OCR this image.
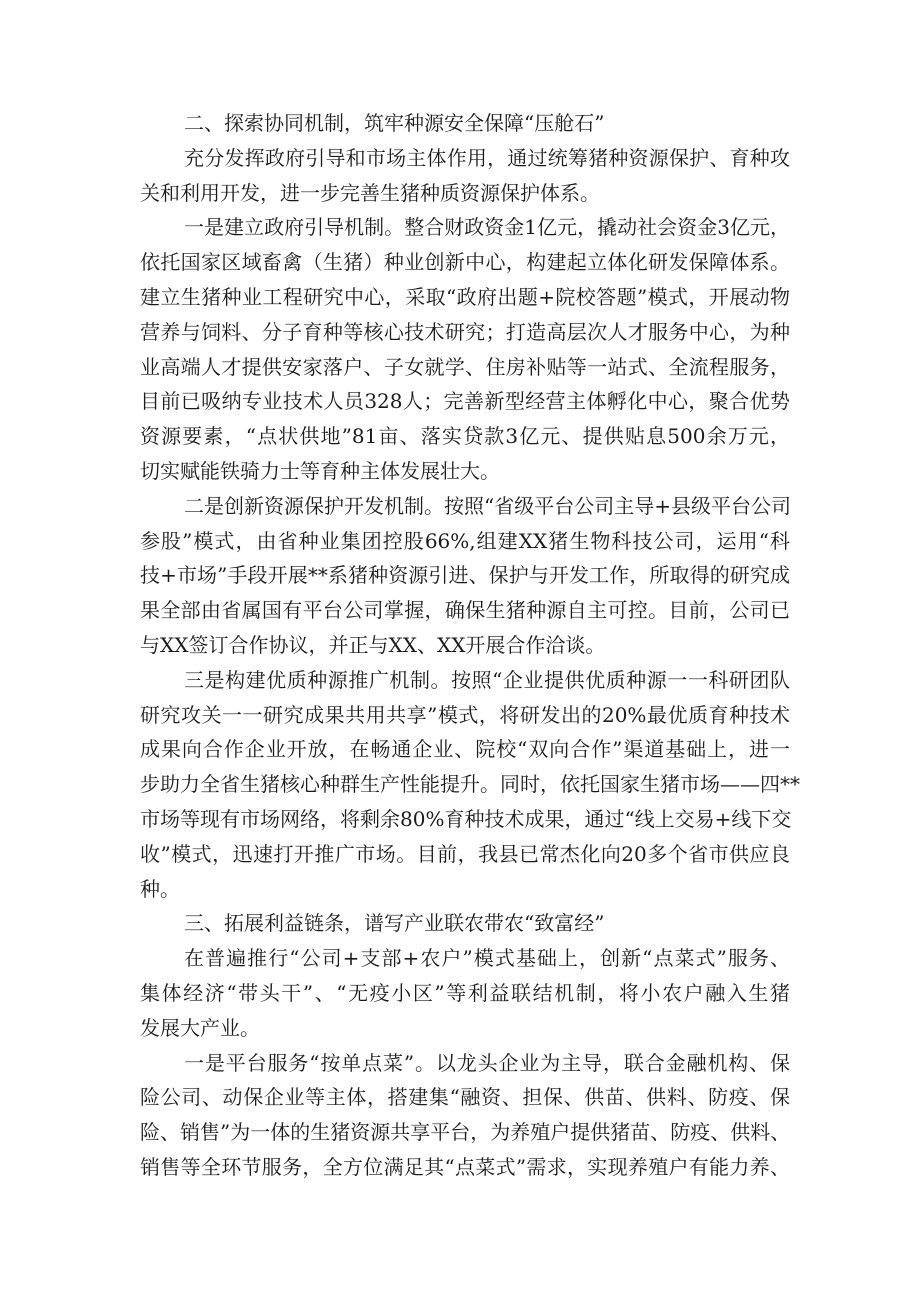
二、探索协同机制，筑牢种源安全保障“压舱石”
充分发挥政府引导和市场主体作用，通过统筹猪种资源保护、育种攻
关和利用开发，进一步完善生猪种质资源保护体系。
一是建立政府引导机制。整合财政资金1亿元，撬动社会资金3亿元，
依托国家区域畜禽（生猪）种业创新中心，构建起立体化研发保障体系。
建立生猪种业工程研究中心，采取“政府出题+院校答题”模式，开展动物
营养与饲料、分子育种等核心技术研究；打造高层次人才服务中心，为种
业高端人才提供安家落户、子女就学、住房补贴等一站式、全流程服务，
目前已吸纳专业技术人员328人；完善新型经营主体孵化中心，聚合优势
资源要素，“点状供地”81亩、落实贷款3亿元、提供贴息500余万元，
切实赋能铁骑力士等育种主体发展壮大。
二是创新资源保护开发机制。按照“省级平台公司主导+县级平台公司
参股”模式，由省种业集团控股66%,组建XX猪生物科技公司，运用“科
技+市场”手段开展**系猪种资源引进、保护与开发工作，所取得的研究成
果全部由省属国有平台公司掌握，确保生猪种源自主可控。目前，公司已
与XX签订合作协议，并正与XX、XX开展合作洽谈。
三是构建优质种源推广机制。按照“企业提供优质种源一一科研团队
研究攻关一一研究成果共用共享”模式，将研发出的20%最优质育种技术
成果向合作企业开放，在畅通企业、院校“双向合作”渠道基础上，进一
步助力全省生猪核心种群生产性能提升。同时，依托国家生猪市场——四**
市场等现有市场网络，将剩余80%育种技术成果，通过“线上交易+线下交
收”模式，迅速打开推广市场。目前，我县已常杰化向20多个省市供应良
种。
三、拓展利益链条，谱写产业联农带农“致富经”
在普遍推行“公司+支部+农户”模式基础上，创新“点菜式”服务、
集体经济“带头干”、“无疫小区”等利益联结机制，将小农户融入生猪
发展大产业。
一是平台服务“按单点菜”。以龙头企业为主导，联合金融机构、保
险公司、动保企业等主体，搭建集“融资、担保、供苗、供料、防疫、保
险、销售”为一体的生猪资源共享平台，为养殖户提供猪苗、防疫、供料、
销售等全环节服务，全方位满足其“点菜式”需求，实现养殖户有能力养、
